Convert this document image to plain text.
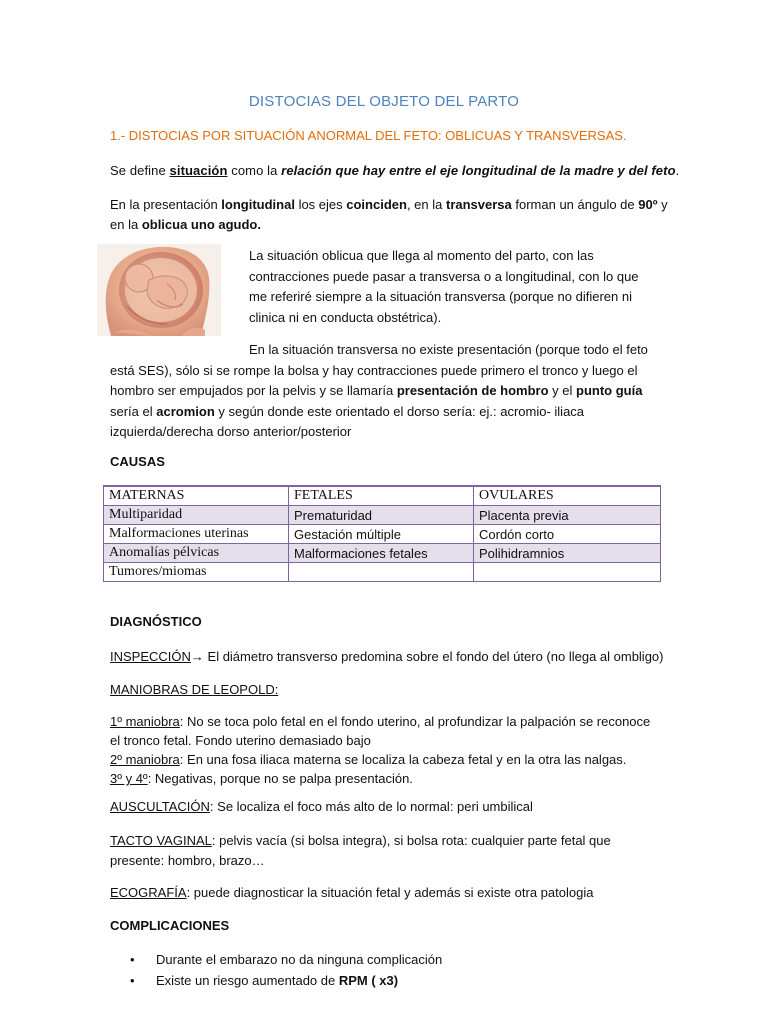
DISTOCIAS DEL OBJETO DEL PARTO
1.- DISTOCIAS POR SITUACIÓN ANORMAL DEL FETO: OBLICUAS Y TRANSVERSAS.
Se define situación como la relación que hay entre el eje longitudinal de la madre y del feto.
En la presentación longitudinal los ejes coinciden, en la transversa forman un ángulo de 90º y
en la oblicua uno agudo.
La situación oblicua que llega al momento del parto, con las
contracciones puede pasar a transversa o a longitudinal, con lo que
me referiré siempre a la situación transversa (porque no difieren ni
clinica ni en conducta obstétrica).
En la situación transversa no existe presentación (porque todo el feto
está SES), sólo si se rompe la bolsa y hay contracciones puede primero el tronco y luego el
hombro ser empujados por la pelvis y se llamaría presentación de hombro y el punto guía
sería el acromion y según donde este orientado el dorso sería: ej.: acromio- iliaca
izquierda/derecha dorso anterior/posterior
CAUSAS
MATERNAS	FETALES	OVULARES
Multiparidad	Prematuridad	Placenta previa
Malformaciones uterinas	Gestación múltiple	Cordón corto
Anomalías pélvicas	Malformaciones fetales	Polihidramnios
Tumores/miomas		
DIAGNÓSTICO
INSPECCIÓN→ El diámetro transverso predomina sobre el fondo del útero (no llega al ombligo)
MANIOBRAS DE LEOPOLD:
1º maniobra: No se toca polo fetal en el fondo uterino, al profundizar la palpación se reconoce
el tronco fetal. Fondo uterino demasiado bajo
2º maniobra: En una fosa iliaca materna se localiza la cabeza fetal y en la otra las nalgas.
3º y 4º: Negativas, porque no se palpa presentación.
AUSCULTACIÓN: Se localiza el foco más alto de lo normal: peri umbilical
TACTO VAGINAL: pelvis vacía (si bolsa integra), si bolsa rota: cualquier parte fetal que
presente: hombro, brazo…
ECOGRAFÍA: puede diagnosticar la situación fetal y además si existe otra patologia
COMPLICACIONES
• Durante el embarazo no da ninguna complicación
• Existe un riesgo aumentado de RPM ( x3)
